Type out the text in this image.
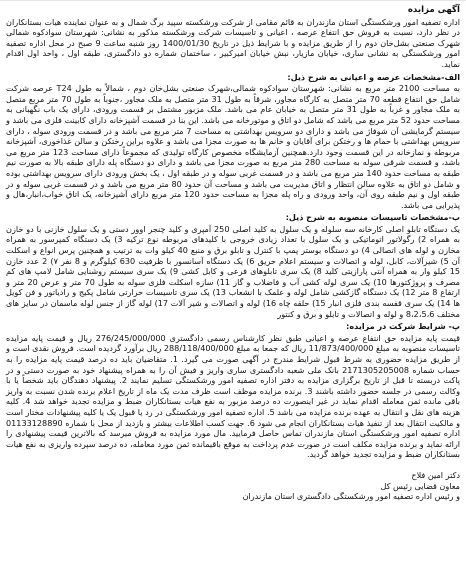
آگهی مزایده
اداره تصفیه امور ورشکستگی استان مازندران به قائم مقامی از شرکت ورشکسته سپید برگ شمال و به عنوان نماینده هیات بستانکاران در نظر دارد، نسبت به فروش حق انتفاع عرصه ، اعیانی و تاسیسات شرکت ورشکسته مذکور به نشانی: شهرستان سوادکوه شمالی شهرک صنعتی بشل‌خان دوم را از طریق مزایده و با شرایط ذیل در تاریخ 1400/01/30 روز شنبه ساعت 9 صبح در محل اداره تصفیه امور ورشکستگی به نشانی ساری، خیابان مازیار، نبش خیابان امیرکبیر ، ساختمان شماره دو دادگستری، طبقه اول ، واحد اول اقدام نماید.
الف-مشخصات عرصه و اعیانی به شرح ذیل:
به مساحت 2100 متر مربع به نشانی: شهرستان سوادکوه شمالی،شهرک صنعتی بشل‌خان دوم ، شمالاً به طول T24 عرصه شرکت شامل حق انتفاع قطعه 70 متر متصل به کارگاه مجاور، شرقاً به طول 31 متر متصل به ملک مجاور ،جنوباً به طول 70 متر مربع متصل به ملک مجاور و غرباً به طول 31 متر متصل به خیابان عام می باشد. ملک مزبور مشتمل بر قسمت ورودی، دارای یک باب نگهبانی به مساحت حدود 52 متر مربع می باشد که شامل دو اتاق و موتورخانه می باشد. این بنا در قسمت آشپزخانه دارای کابینت فلزی می باشد و سیستم گرمایشی آن شوفاژ می باشد و دارای دو سرویس بهداشتی به مساحت 7 متر مربع می باشد و در قسمت ورودی سوله ، دارای سرویس بهداشتی با حمام ها و رختکن برای آقایان و خانم ها به صورت مجزا می باشد و علاوه براین رختکن و سالن غذاخوری، آشپزخانه مربوطه و نمازخانه در این قسمت وجود دارد.همچنین آزمایشگاه مخصوص کارگاه تولیدی که مجموعاً دارای مساحت 123 متر مربع می باشد، و قسمت شرقی سوله به مساحت 280 متر مربع به صورت مجزا می باشد و دارای دو دستگاه پله دارای طبقه بالا به صورت نیم طبقه به مساحت حدود 140 متر مربع می باشد و در قسمت غربی سوله و در طبقه اول ، یک بخش ورودی دارای سرویس بهداشتی بوده و شامل دو اتاق به علاوه سالن انتظار و اتاق مدیریت می باشد و مساحت آن حدود 80 متر مربع می باشد و در قسمت غربی سوله و در طبقه اول و نیم طبقه روی آن، واحد ورودی و راه پله مجزا به مساحت حدود 120 متر مربع دارای آشپزخانه، یک اتاق خواب،انبار،هال و پذیرایی می باشد.
ب-مشخصات تاسیسات منصوبه به شرح ذیل:
یک دستگاه تابلو اصلی کارخانه سه سلوله و یک سلول به کلید اصلی 250 آمپری و کلید چنجر اوور دستی و یک سلول خازنی با دو خازن به همراه 2) رگولاتور اتوماتیکی و یک سلول با تعداد زیادی خروجی با کلیدهای مربوطه نوع ترکیه 3) یک دستگاه کمپرسور به همراه مخازن و لوله های اتصالی 4) دو دستگاه بوستر پمپ با کنترل و تابلو برق و منبع 40 کیلو وات به ترتیب و همچنین پرس انواع و اسکلت آن 5) شیرآلات، کابل، لوله و اتصالات و سیستم اعلام حریق 6) یک دستگاه آسانسور با ظرفیت 630 کیلوگرم و 8 نفر ۷) 2 عدد خازن 15 کیلو وار به همراه آنتی پارازیتی کلید 8) یک سری تابلوهای فرعی و کابل کشی 9) یک سری سیستم روشنایی شامل لامپ های کم مصرف و پروژکتورها 10) یک سری لوله کشی آب و فاضلاب و گاز 11) سازه اسکلت فلزی سوله به طول 70 متر و عرض 20 متر و ارتفاع 8 متر 12) یک دستگاه گازکشی شامل لوله و علمک با انشعاب 13) یک سری تاسیسات حرارتی شامل پکیج و رادیاتور و فن کویل ها 14) یک سری قفسه بندی فلزی انبار 15) حلقه چاه 16) لوله و اتصالات و شیر آلات 17) لوله گاز از جنس لوله ماسمان در سایز های مختلف 8،2،5،6 و لوله و اتصالات و تابلو و برق و کنتور
پ- شرایط شرکت در مزایده:
قیمت پایه مزایده حق انتفاع عرصه و اعیانی طبق نظر کارشناس رسمی دادگستری 276/245/000/000 ریال و قیمت پایه مزایده تاسیسات منصوبه به مبلغ 11/873/400/000 ریال که جمعا به مبلغ 288/118/400/000 ریال برآورد گردیده است. فروش نقدی است و از طریق مزایده حضوری به شرط قبول شرایط مندرج در آگهی صورت می گیرد. 1. متقاضیان باید ده درصد قیمت پایه مزایده را به حساب شماره 2171305205008 بانک ملی شعبه دادگستری ساری واریز و فیش آن را به همراه پیشنهاد خود به صورت دستی و در پاکت دربسته تا قبل از تاریخ برگزاری مزایده به دفتر اداره تصفیه امور ورشکستگی تسلیم نمایند 2. پیشنهاد دهندگان باید شخصاً یا با وکالت رسمی در جلسه حضور داشته باشند 3. برنده مزایده موظف است ظرف مدت یک ماه از تاریخ اعلام برنده شدن نسبت به واریز باقی مانده ثمن معامله اقدام نماید در غیر اینصورت ده درصد مزبور به نفع هیات بستانکاران ضبط و مزایده تجدید خواهد شد 4. کلیه هزینه های نقل و انتقال به عهده برنده مزایده می باشد 5. اداره تصفیه امور ورشکستگی در رد یا قبول یک یا کلیه پیشنهادات مختار است و مالکیت انتقال بعد از تنفیذ هیات بستانکاران انجام می شود 6. جهت کسب اطلاعات بیشتر و بازدید از محل با شماره 01133128890 اداره تصفیه امور ورشکستگی استان مازندران تماس حاصل فرمایید. مال مورد مزایده به فروش میرسد که بالاترین قیمت پیشنهادی را ارائه نماید و برنده مزایده مکلف است در صورت عدم پرداخت به موقع باقیمانده ثمن مورد معامله، ده درصد سپرده واریزی به نفع هیات بستانکاران ضبط و مزایده تجدید خواهد گردید.
دکتر امین فلاح
معاون قضایی رئیس کل
و رئیس اداره تصفیه امور ورشکستگی دادگستری استان مازندران
